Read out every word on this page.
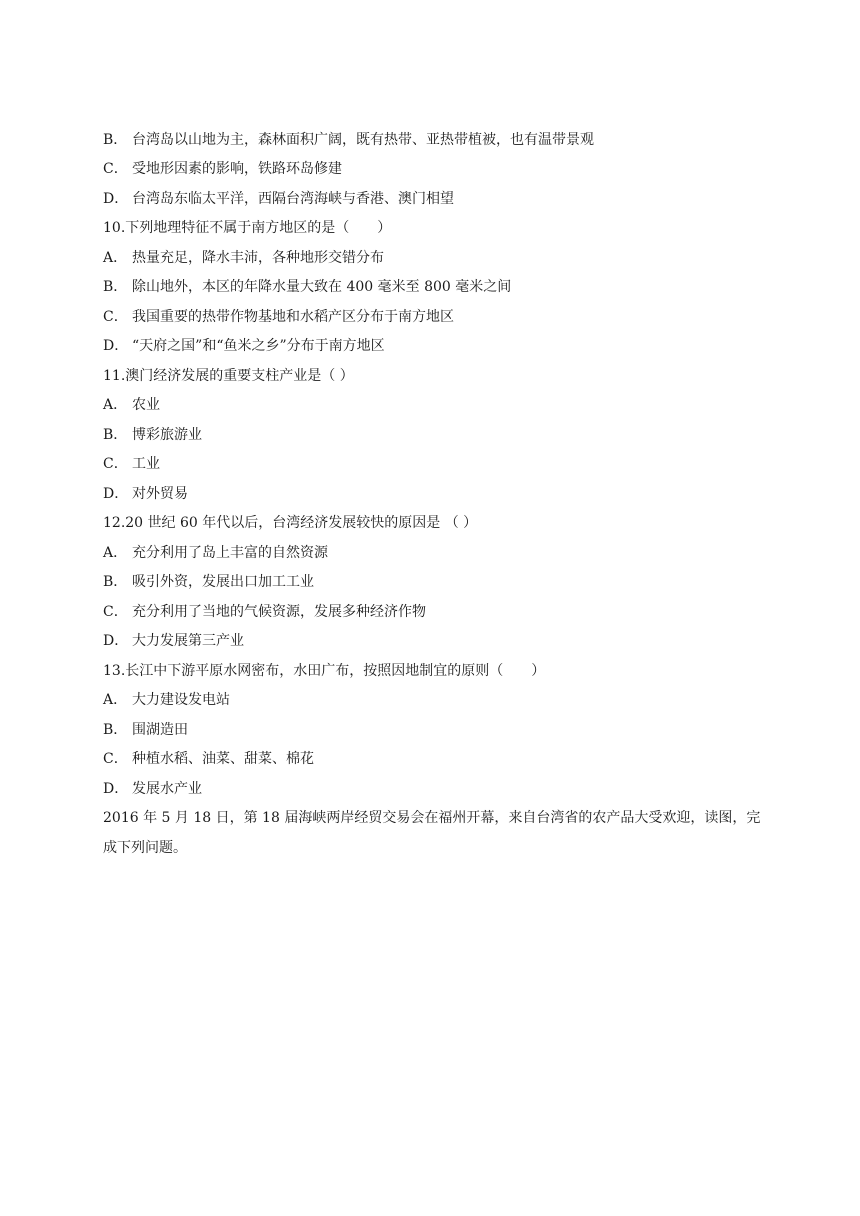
B． 台湾岛以山地为主，森林面积广阔，既有热带、亚热带植被，也有温带景观
C． 受地形因素的影响，铁路环岛修建
D． 台湾岛东临太平洋，西隔台湾海峡与香港、澳门相望
10.下列地理特征不属于南方地区的是（　　）
A． 热量充足，降水丰沛，各种地形交错分布
B． 除山地外，本区的年降水量大致在 400 毫米至 800 毫米之间
C． 我国重要的热带作物基地和水稻产区分布于南方地区
D． “天府之国”和“鱼米之乡”分布于南方地区
11.澳门经济发展的重要支柱产业是（ ）
A． 农业
B． 博彩旅游业
C． 工业
D． 对外贸易
12.20 世纪 60 年代以后，台湾经济发展较快的原因是 （ ）
A． 充分利用了岛上丰富的自然资源
B． 吸引外资，发展出口加工工业
C． 充分利用了当地的气候资源，发展多种经济作物
D． 大力发展第三产业
13.长江中下游平原水网密布，水田广布，按照因地制宜的原则（　　）
A． 大力建设发电站
B． 围湖造田
C． 种植水稻、油菜、甜菜、棉花
D． 发展水产业
2016 年 5 月 18 日，第 18 届海峡两岸经贸交易会在福州开幕，来自台湾省的农产品大受欢迎，读图，完成下列问题。
